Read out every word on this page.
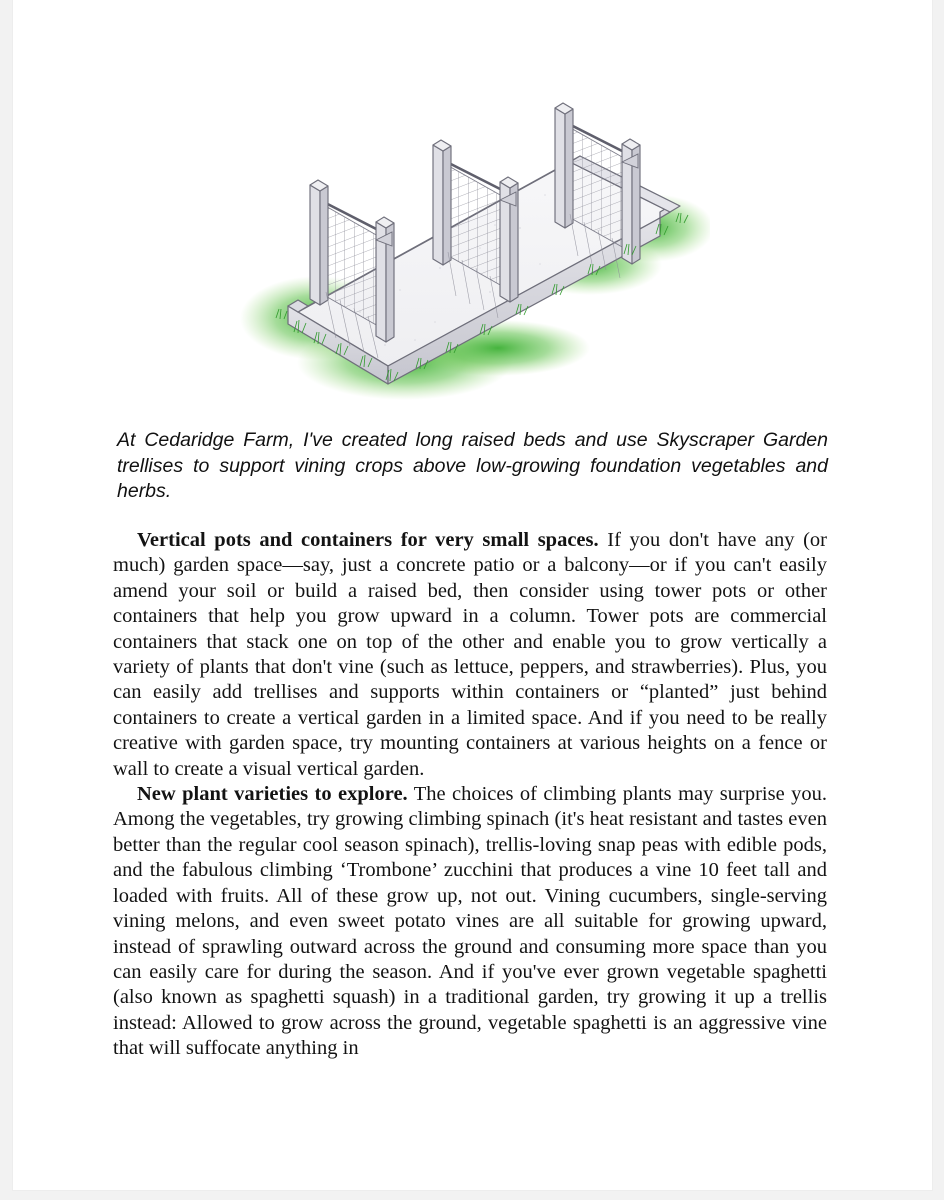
At Cedaridge Farm, I've created long raised beds and use Skyscraper Garden trellises to support vining crops above low-growing foundation vegetables and herbs.

Vertical pots and containers for very small spaces. If you don't have any (or much) garden space—say, just a concrete patio or a balcony—or if you can't easily amend your soil or build a raised bed, then consider using tower pots or other containers that help you grow upward in a column. Tower pots are commercial containers that stack one on top of the other and enable you to grow vertically a variety of plants that don't vine (such as lettuce, peppers, and strawberries). Plus, you can easily add trellises and supports within containers or “planted” just behind containers to create a vertical garden in a limited space. And if you need to be really creative with garden space, try mounting containers at various heights on a fence or wall to create a visual vertical garden.

New plant varieties to explore. The choices of climbing plants may surprise you. Among the vegetables, try growing climbing spinach (it's heat resistant and tastes even better than the regular cool season spinach), trellis-loving snap peas with edible pods, and the fabulous climbing ‘Trombone’ zucchini that produces a vine 10 feet tall and loaded with fruits. All of these grow up, not out. Vining cucumbers, single-serving vining melons, and even sweet potato vines are all suitable for growing upward, instead of sprawling outward across the ground and consuming more space than you can easily care for during the season. And if you've ever grown vegetable spaghetti (also known as spaghetti squash) in a traditional garden, try growing it up a trellis instead: Allowed to grow across the ground, vegetable spaghetti is an aggressive vine that will suffocate anything in
